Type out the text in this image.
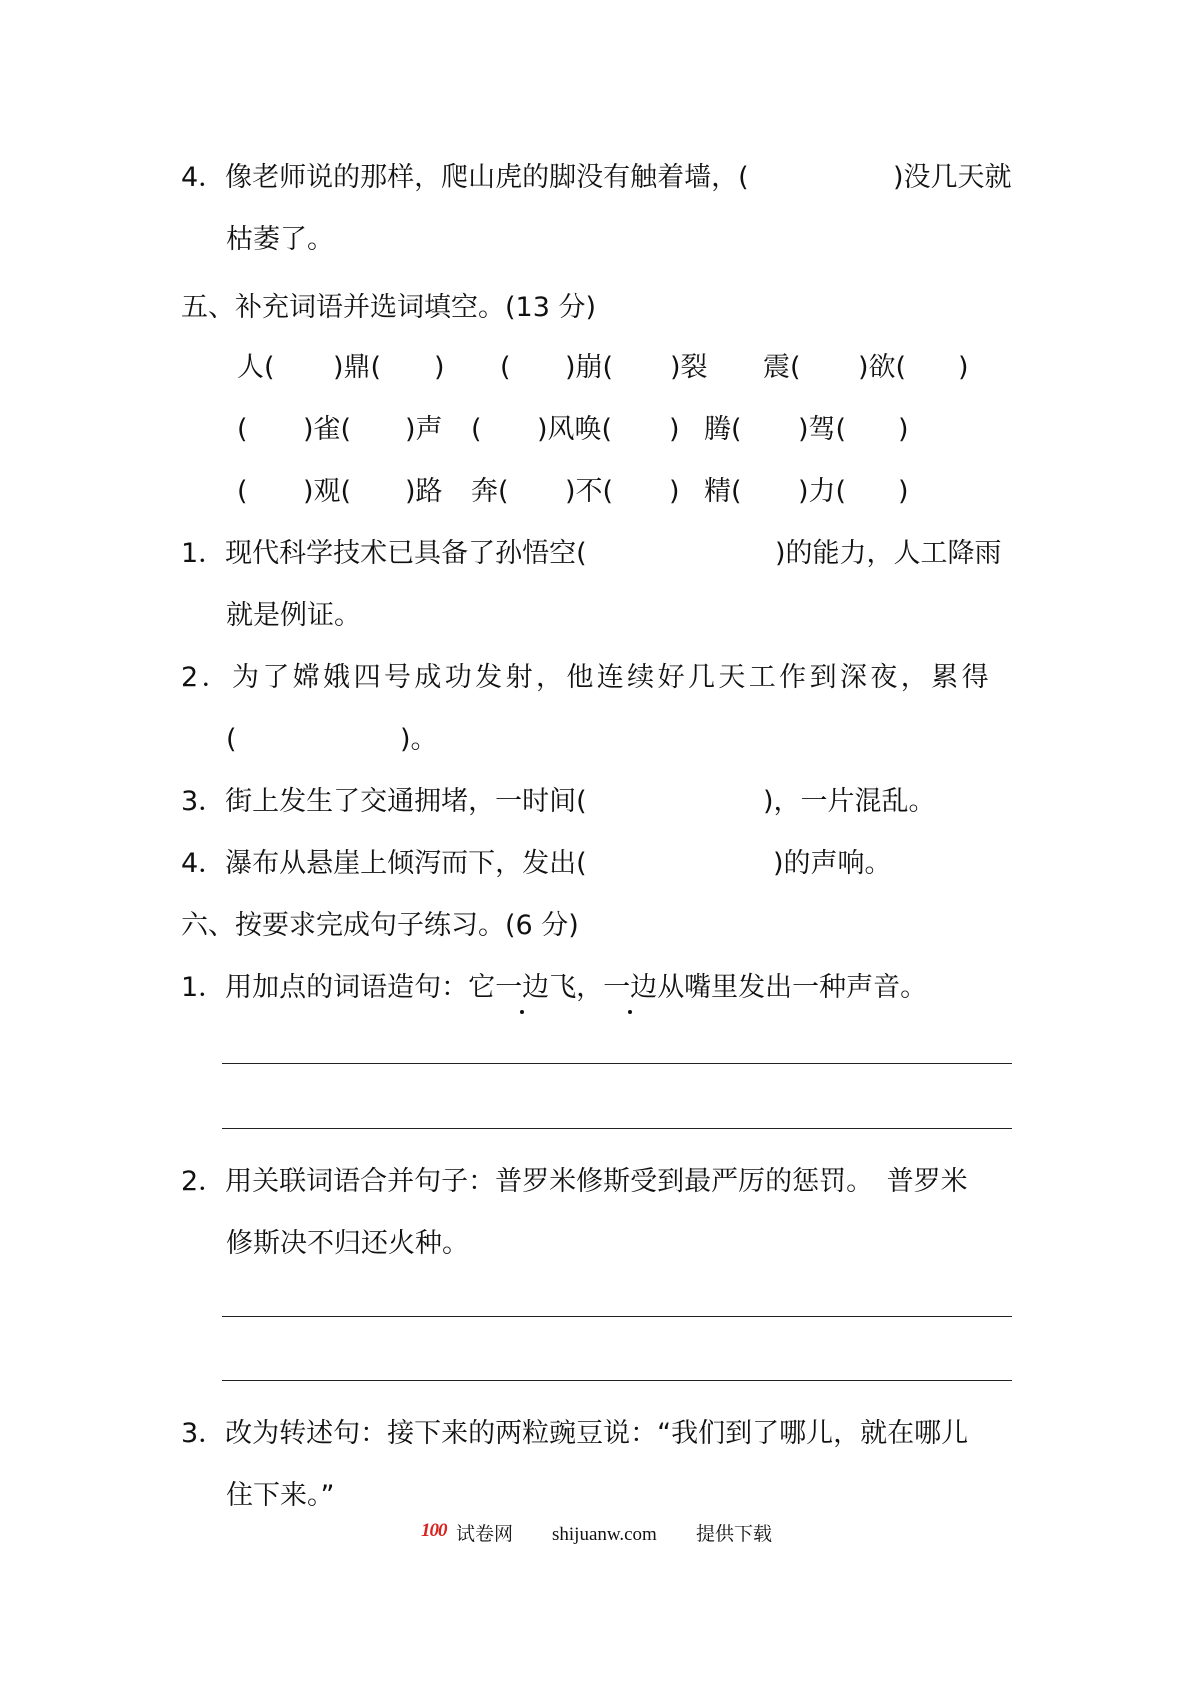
4．像老师说的那样，爬山虎的脚没有触着墙，(	)没几天就
枯萎了。
五、补充词语并选词填空。(13 分)
人( )鼎( ) ( )崩( )裂 震( )欲( )
( )雀( )声 ( )风唤( ) 腾( )驾( )
( )观( )路 奔( )不( ) 精( )力( )
1．现代科学技术已具备了孙悟空(	)的能力，人工降雨
就是例证。
2．为了嫦娥四号成功发射，他连续好几天工作到深夜，累得
(	)。
3．街上发生了交通拥堵，一时间(	)，一片混乱。
4．瀑布从悬崖上倾泻而下，发出(	)的声响。
六、按要求完成句子练习。(6 分)
1．用加点的词语造句：它一边飞，一边从嘴里发出一种声音。
2．用关联词语合并句子：普罗米修斯受到最严厉的惩罚。　普罗米
修斯决不归还火种。
3．改为转述句：接下来的两粒豌豆说：“我们到了哪儿，就在哪儿
住下来。”
100 试卷网 shijuanw.com 提供下载
